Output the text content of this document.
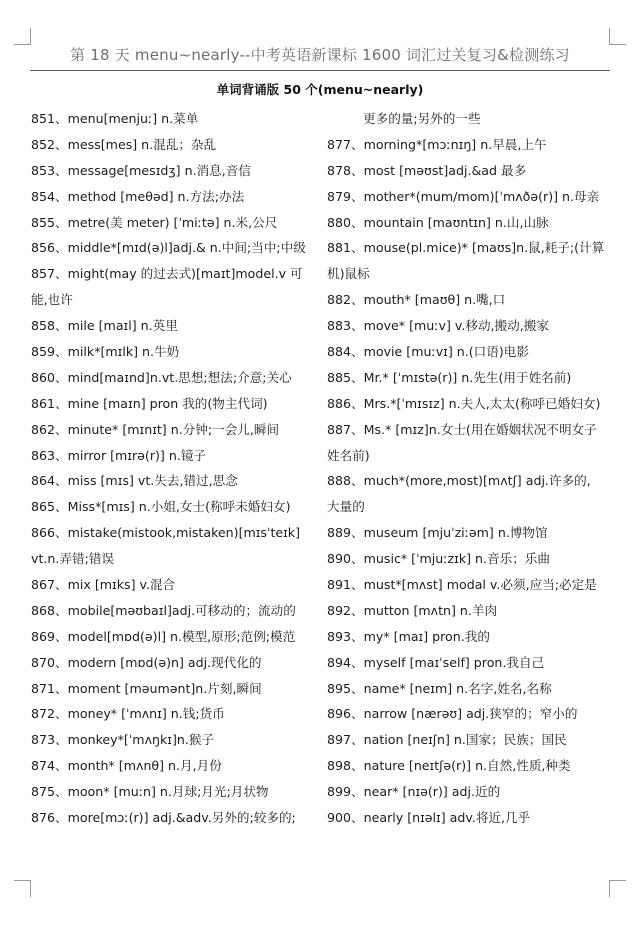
第 18 天 menu~nearly--中考英语新课标 1600 词汇过关复习&检测练习
单词背诵版 50 个(menu~nearly)
851、menu[menjuː] n.菜单
852、mess[mes] n.混乱；杂乱
853、message[mesɪdʒ] n.消息,音信
854、method [meθəd] n.方法;办法
855、metre(美 meter) [ˈmiːtə] n.米,公尺
856、middle*[mɪd(ə)l]adj.& n.中间;当中;中级
857、might(may 的过去式)[maɪt]model.v 可
能,也许
858、mile [maɪl] n.英里
859、milk*[mɪlk] n.牛奶
860、mind[maɪnd]n.vt.思想;想法;介意;关心
861、mine [maɪn] pron 我的(物主代词)
862、minute* [mɪnɪt] n.分钟;一会儿,瞬间
863、mirror [mɪrə(r)] n.镜子
864、miss [mɪs] vt.失去,错过,思念
865、Miss*[mɪs] n.小姐,女士(称呼未婚妇女)
866、mistake(mistook,mistaken)[mɪsˈteɪk]
vt.n.弄错;错误
867、mix [mɪks] v.混合
868、mobile[məʊbaɪl]adj.可移动的；流动的
869、model[mɒd(ə)l] n.模型,原形;范例;模范
870、modern [mɒd(ə)n] adj.现代化的
871、moment [məumənt]n.片刻,瞬间
872、money* [ˈmʌnɪ] n.钱;货币
873、monkey*[ˈmʌŋkɪ]n.猴子
874、month* [mʌnθ] n.月,月份
875、moon* [muːn] n.月球;月光;月状物
876、more[mɔː(r)] adj.&adv.另外的;较多的;
更多的量;另外的一些
877、morning*[mɔːnɪŋ] n.早晨,上午
878、most [məʊst]adj.&ad 最多
879、mother*(mum/mom)[ˈmʌðə(r)] n.母亲
880、mountain [maʊntɪn] n.山,山脉
881、mouse(pl.mice)* [maʊs]n.鼠,耗子;(计算
机)鼠标
882、mouth* [maʊθ] n.嘴,口
883、move* [muːv] v.移动,搬动,搬家
884、movie [muːvɪ] n.(口语)电影
885、Mr.* [ˈmɪstə(r)] n.先生(用于姓名前)
886、Mrs.*[ˈmɪsɪz] n.夫人,太太(称呼已婚妇女)
887、Ms.* [mɪz]n.女士(用在婚姻状况不明女子
姓名前)
888、much*(more,most)[mʌtʃ] adj.许多的,
大量的
889、museum [mjuˈziːəm] n.博物馆
890、music* [ˈmjuːzɪk] n.音乐；乐曲
891、must*[mʌst] modal v.必须,应当;必定是
892、mutton [mʌtn] n.羊肉
893、my* [maɪ] pron.我的
894、myself [maɪˈself] pron.我自己
895、name* [neɪm] n.名字,姓名,名称
896、narrow [nærəʊ] adj.狭窄的；窄小的
897、nation [neɪʃn] n.国家；民族；国民
898、nature [neɪtʃə(r)] n.自然,性质,种类
899、near* [nɪə(r)] adj.近的
900、nearly [nɪəlɪ] adv.将近,几乎
